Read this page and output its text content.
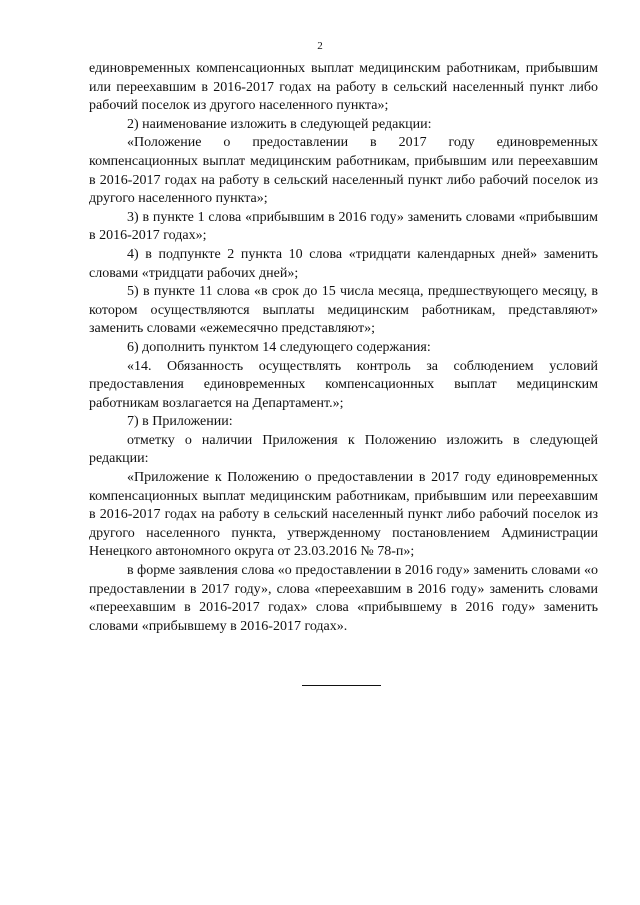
2

единовременных компенсационных выплат медицинским работникам, прибывшим или переехавшим в 2016-2017 годах на работу в сельский населенный пункт либо рабочий поселок из другого населенного пункта»;

2) наименование изложить в следующей редакции:

«Положение о предоставлении в 2017 году единовременных компенсационных выплат медицинским работникам, прибывшим или переехавшим в 2016-2017 годах на работу в сельский населенный пункт либо рабочий поселок из другого населенного пункта»;

3) в пункте 1 слова «прибывшим в 2016 году» заменить словами «прибывшим в 2016-2017 годах»;

4) в подпункте 2 пункта 10 слова «тридцати календарных дней» заменить словами «тридцати рабочих дней»;

5) в пункте 11 слова «в срок до 15 числа месяца, предшествующего месяцу, в котором осуществляются выплаты медицинским работникам, представляют» заменить словами «ежемесячно представляют»;

6) дополнить пунктом 14 следующего содержания:

«14. Обязанность осуществлять контроль за соблюдением условий предоставления единовременных компенсационных выплат медицинским работникам возлагается на Департамент.»;

7) в Приложении:

отметку о наличии Приложения к Положению изложить в следующей редакции:

«Приложение к Положению о предоставлении в 2017 году единовременных компенсационных выплат медицинским работникам, прибывшим или переехавшим в 2016-2017 годах на работу в сельский населенный пункт либо рабочий поселок из другого населенного пункта, утвержденному постановлением Администрации Ненецкого автономного округа от 23.03.2016 № 78-п»;

в форме заявления слова «о предоставлении в 2016 году» заменить словами «о предоставлении в 2017 году», слова «переехавшим в 2016 году» заменить словами «переехавшим в 2016-2017 годах» слова «прибывшему в 2016 году» заменить словами «прибывшему в 2016-2017 годах».
